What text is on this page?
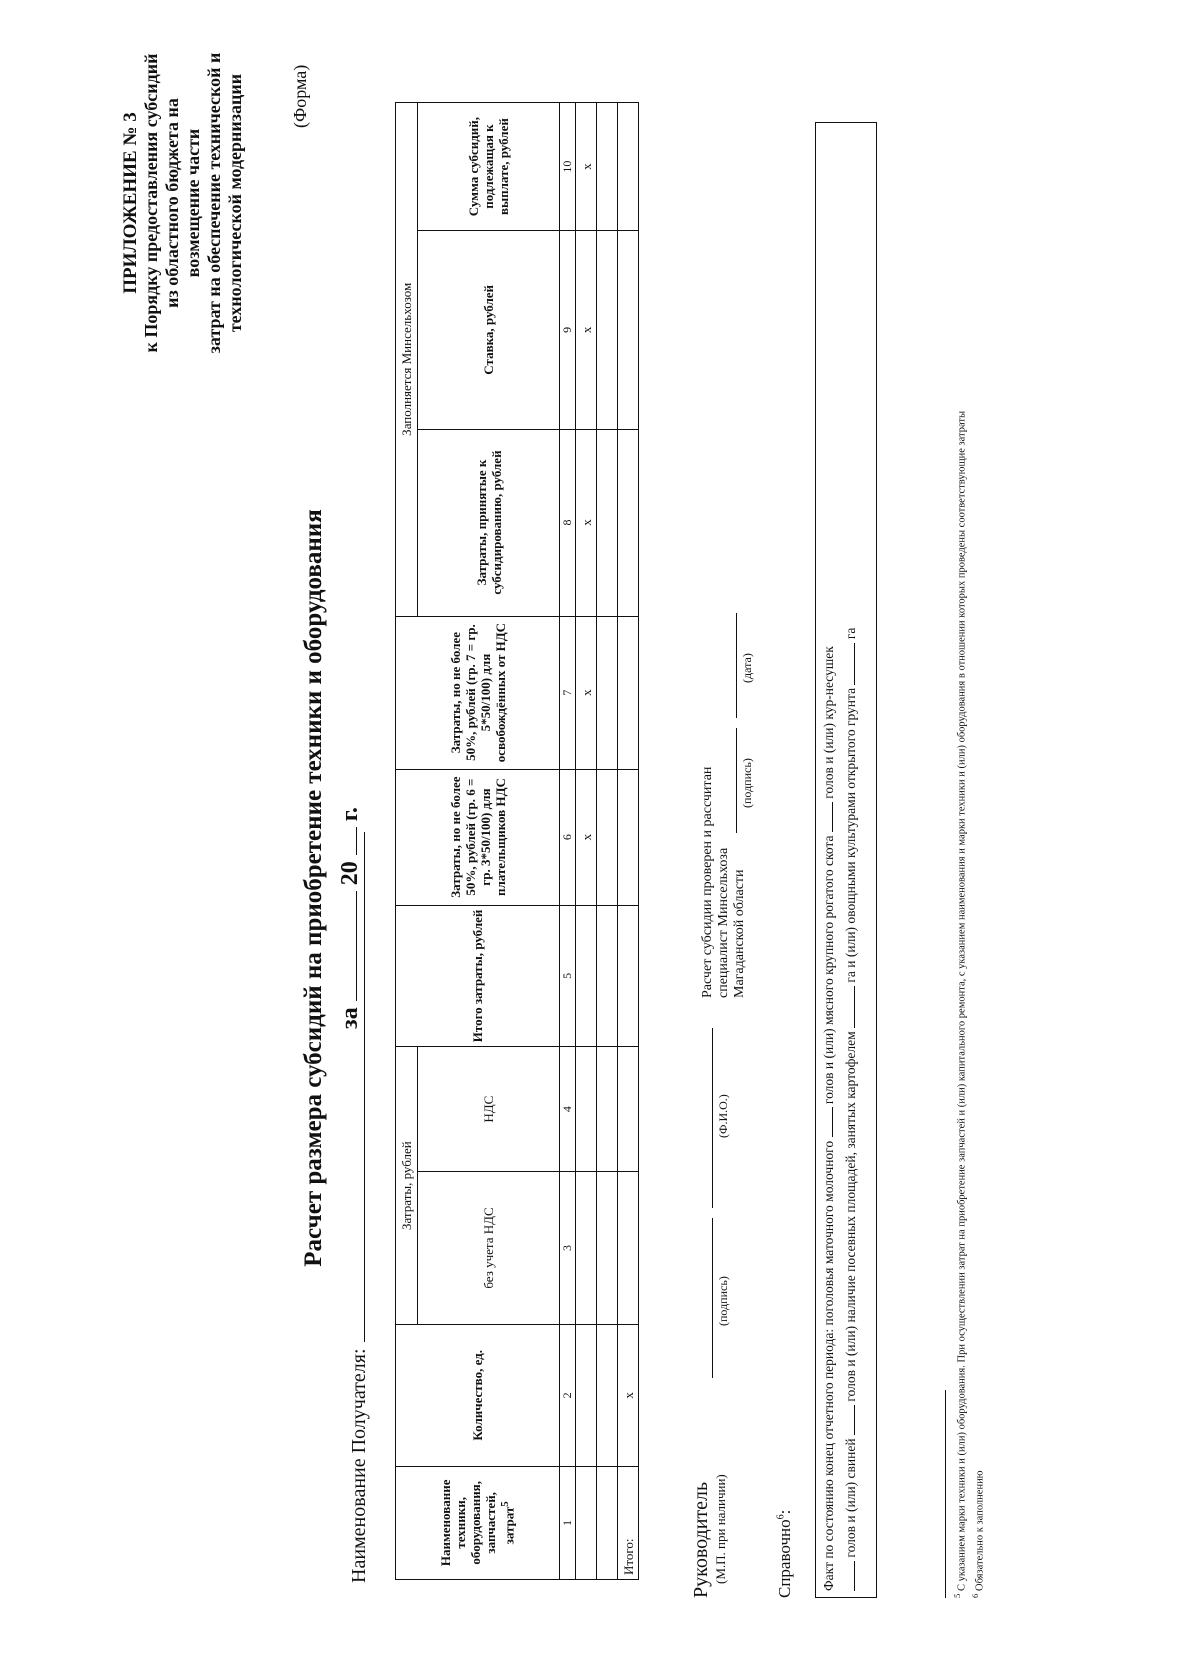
ПРИЛОЖЕНИЕ № 3 к Порядку предоставления субсидий из областного бюджета на возмещение части затрат на обеспечение технической и технологической модернизации	(Форма)
Расчет размера субсидий на приобретение техники и оборудования за  20  г.
Наименование Получателя:	Наименование техники, оборудования, запчастей, затрат$^5$	Количество, ед.	Затраты, рублей		Итого затраты, рублей	Затраты, но не более 50%, рублей (гр. 6 = гр. 3*50/100) для плательщиков НДС	Затраты, но не более 50%, рублей (гр. 7 = гр. 5*50/100) для освобождённых от НДС	Заполняется Минсельхозом		
		без учета НДС	НДС				Затраты, принятые к субсидированию, рублей	Ставка, рублей	Сумма субсидий, подлежащая к выплате, рублей
1	2	3	4	5	6	7	8	9	10
					х	х	х	х	х

Итого:	х								
Руководитель (М.П. при наличии)
(подпись)
(Ф.И.О.)
Расчет субсидии проверен и рассчитан специалист Минсельхоза Магаданской области
(подпись)
(дата)
Справочно$^6$: Факт по состоянию конец отчетного периода: поголовья маточного молочного  голов и (или) мясного крупного рогатого скота  голов и (или) кур-несушек
голов и (или) свиней  голов и (или) наличие посевных площадей, занятых картофелем  га и (или) овощными культурами открытого грунта  га
$^5$ С указанием марки техники и (или) оборудования. При осуществлении затрат на приобретение запчастей и (или) капитального ремонта, с указанием наименования и марки техники и (или) оборудования в отношении которых проведены соответствующие затраты
$^6$ Обязательно к заполнению
